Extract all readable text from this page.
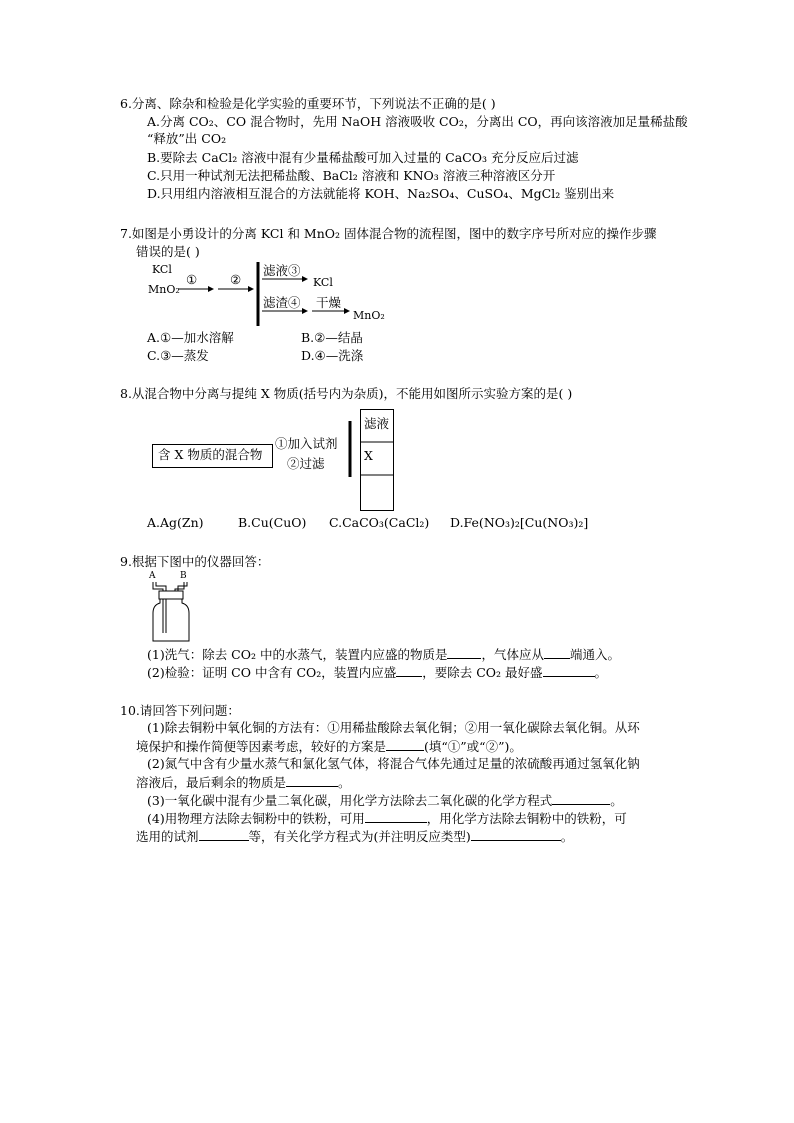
6.分离、除杂和检验是化学实验的重要环节，下列说法不正确的是( )
A.分离 CO₂、CO 混合物时，先用 NaOH 溶液吸收 CO₂，分离出 CO，再向该溶液加足量稀盐酸
“释放”出 CO₂
B.要除去 CaCl₂ 溶液中混有少量稀盐酸可加入过量的 CaCO₃ 充分反应后过滤
C.只用一种试剂无法把稀盐酸、BaCl₂ 溶液和 KNO₃ 溶液三种溶液区分开
D.只用组内溶液相互混合的方法就能将 KOH、Na₂SO₄、CuSO₄、MgCl₂ 鉴别出来
7.如图是小勇设计的分离 KCl 和 MnO₂ 固体混合物的流程图，图中的数字序号所对应的操作步骤
错误的是( )
KCl
MnO₂
①	②
滤液③
滤渣④
KCl
干燥
MnO₂
A.①—加水溶解	B.②—结晶
C.③—蒸发	D.④—洗涤
8.从混合物中分离与提纯 X 物质(括号内为杂质)，不能用如图所示实验方案的是( )
含 X 物质的混合物
①加入试剂
②过滤
滤液
X
A.Ag(Zn)	B.Cu(CuO) C.CaCO₃(CaCl₂) D.Fe(NO₃)₂[Cu(NO₃)₂]
9.根据下图中的仪器回答：
A	B
(1)洗气：除去 CO₂ 中的水蒸气，装置内应盛的物质是	，气体应从 端通入。
(2)检验：证明 CO 中含有 CO₂，装置内应盛 ，要除去 CO₂ 最好盛	。
10.请回答下列问题：
(1)除去铜粉中氧化铜的方法有：①用稀盐酸除去氧化铜；②用一氧化碳除去氧化铜。从环
境保护和操作简便等因素考虑，较好的方案是	(填“①”或“②”)。
(2)氮气中含有少量水蒸气和氯化氢气体，将混合气体先通过足量的浓硫酸再通过氢氧化钠
溶液后，最后剩余的物质是	。
(3)一氧化碳中混有少量二氧化碳，用化学方法除去二氧化碳的化学方程式	。
(4)用物理方法除去铜粉中的铁粉，可用	，用化学方法除去铜粉中的铁粉，可
选用的试剂	等，有关化学方程式为(并注明反应类型)	。
